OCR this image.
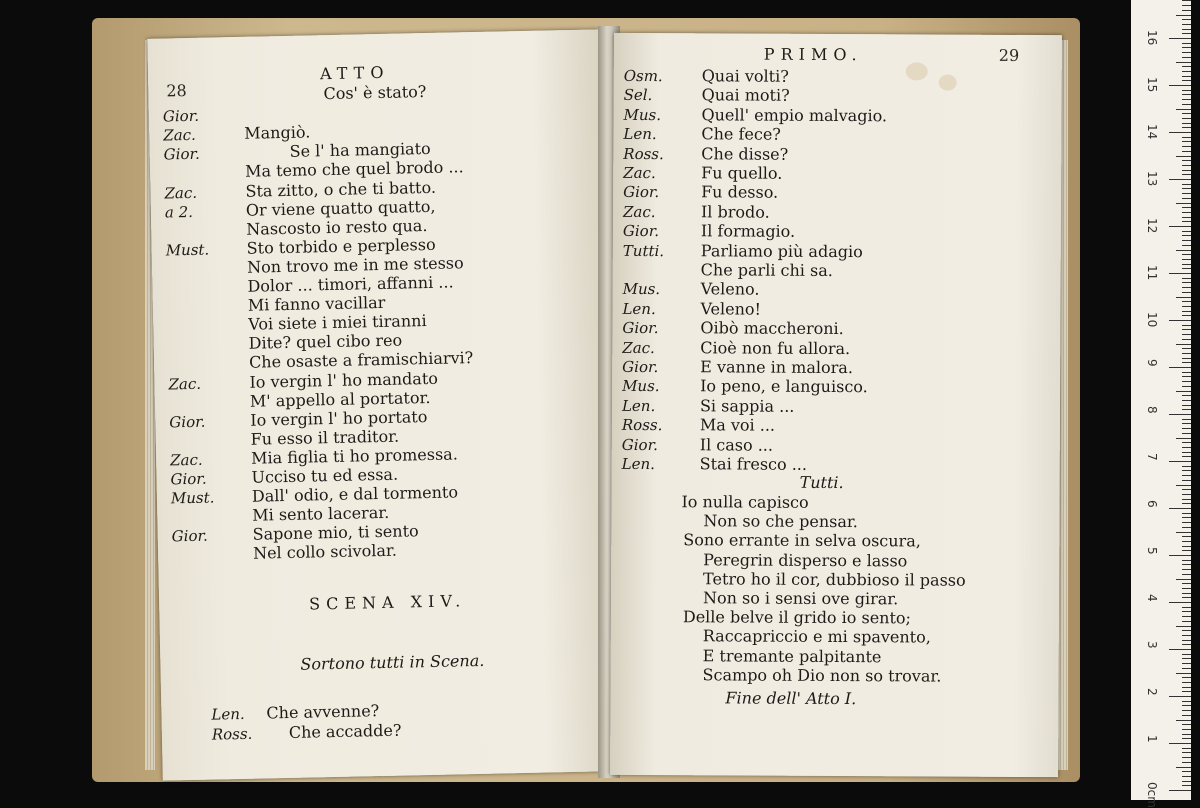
28
ATTO
Cos' è stato?
Gior.
Zac.	Mangiò.
Gior.	Se l' ha mangiato
Ma temo che quel brodo ...
Zac.	Sta zitto, o che ti batto.
a 2.	Or viene quatto quatto,
Nascosto io resto qua.
Must. Sto torbido e perplesso
Non trovo me in me stesso
Dolor ... timori, affanni ...
Mi fanno vacillar
Voi siete i miei tiranni
Dite? quel cibo reo
Che osaste a framischiarvi?
Zac.	Io vergin l' ho mandato
M' appello al portator.
Gior.	Io vergin l' ho portato
Fu esso il traditor.
Zac.	Mia figlia ti ho promessa.
Gior.	Ucciso tu ed essa.
Must. Dall' odio, e dal tormento
Mi sento lacerar.
Gior.	Sapone mio, ti sento
Nel collo scivolar.
SCENA XIV.
Sortono tutti in Scena.
Len. Che avvenne?
Ross. Che accadde?
PRIMO.	29
Osm. Quai volti?
Sel.	Quai moti?
Mus.	Quell' empio malvagio.
Len.	Che fece?
Ross. Che disse?
Zac.	Fu quello.
Gior.	Fu desso.
Zac.	Il brodo.
Gior.	Il formagio.
Tutti. Parliamo più adagio
Che parli chi sa.
Mus.	Veleno.
Len.	Veleno!
Gior.	Oibò maccheroni.
Zac.	Cioè non fu allora.
Gior.	E vanne in malora.
Mus.	Io peno, e languisco.
Len.	Si sappia ...
Ross. Ma voi ...
Gior.	Il caso ...
Len.	Stai fresco ...
Tutti.
Io nulla capisco
Non so che pensar.
Sono errante in selva oscura,
Peregrin disperso e lasso
Tetro ho il cor, dubbioso il passo
Non so i sensi ove girar.
Delle belve il grido io sento;
Raccapriccio e mi spavento,
E tremante palpitante
Scampo oh Dio non so trovar.
Fine dell' Atto I.
0cm
1
2
3
4
5
6
7
8
9
10
11
12
13
14
15
16
